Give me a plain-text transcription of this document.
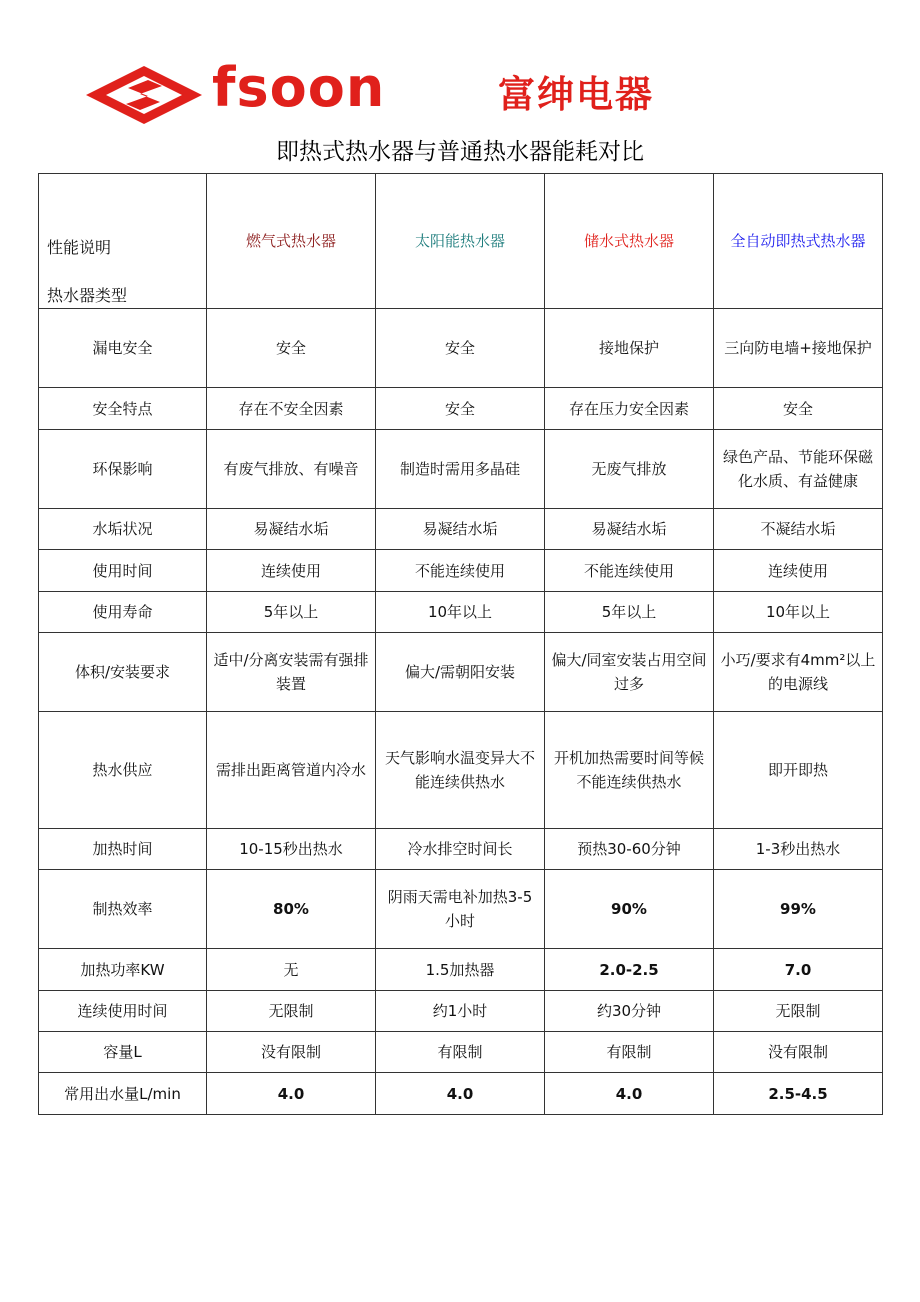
fsoon	富绅电器
即热式热水器与普通热水器能耗对比
性能说明
热水器类型	燃气式热水器	太阳能热水器	储水式热水器	全自动即热式热水器
漏电安全	安全	安全	接地保护	三向防电墙+接地保护
安全特点	存在不安全因素	安全	存在压力安全因素	安全
环保影响	有废气排放、有噪音	制造时需用多晶硅	无废气排放	绿色产品、节能环保磁化水质、有益健康
水垢状况	易凝结水垢	易凝结水垢	易凝结水垢	不凝结水垢
使用时间	连续使用	不能连续使用	不能连续使用	连续使用
使用寿命	5年以上	10年以上	5年以上	10年以上
体积/安装要求	适中/分离安装需有强排装置	偏大/需朝阳安装	偏大/同室安装占用空间过多	小巧/要求有4mm²以上的电源线
热水供应	需排出距离管道内冷水	天气影响水温变异大不能连续供热水	开机加热需要时间等候不能连续供热水	即开即热
加热时间	10-15秒出热水	冷水排空时间长	预热30-60分钟	1-3秒出热水
制热效率	80%	阴雨天需电补加热3-5小时	90%	99%
加热功率KW	无	1.5加热器	2.0-2.5	7.0
连续使用时间	无限制	约1小时	约30分钟	无限制
容量L	没有限制	有限制	有限制	没有限制
常用出水量L/min	4.0	4.0	4.0	2.5-4.5
